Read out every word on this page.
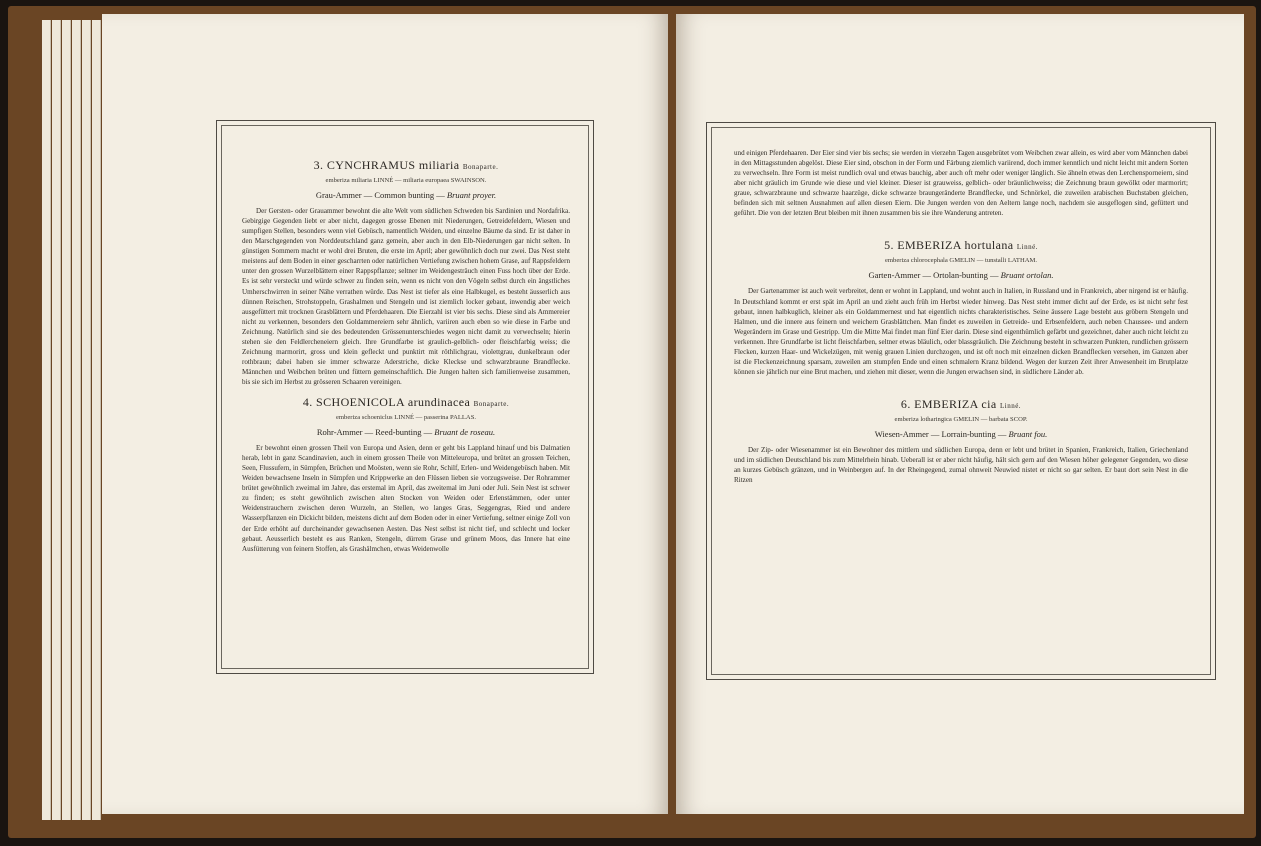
3. CYNCHRAMUS miliaria Bonaparte.
emberiza miliaria LINNÉ — miliaria europaea SWAINSON.
Grau-Ammer — Common bunting — Bruant proyer.

Der Gersten- oder Grauammer bewohnt die alte Welt vom südlichen Schweden bis Sardinien und Nordafrika. Gebirgige Gegenden liebt er aber nicht, dagegen grosse Ebenen mit Niederungen, Getreidefeldern, Wiesen und sumpfigen Stellen, besonders wenn viel Gebüsch, namentlich Weiden, und einzelne Bäume da sind. Er ist daher in den Marschgegenden von Norddeutschland ganz gemein, aber auch in den Elb-Niederungen gar nicht selten. In günstigen Sommern macht er wohl drei Bruten, die erste im April; aber gewöhnlich doch nur zwei. Das Nest steht meistens auf dem Boden in einer gescharrten oder natürlichen Vertiefung zwischen hohem Grase, auf Rappsfeldern unter den grossen Wurzelblättern einer Rappspflanze; seltner im Weidengesträuch einen Fuss hoch über der Erde. Es ist sehr versteckt und würde schwer zu finden sein, wenn es nicht von den Vögeln selbst durch ein ängstliches Umherschwirren in seiner Nähe verrathen würde. Das Nest ist tiefer als eine Halbkugel, es besteht äusserlich aus dünnen Reischen, Strohstoppeln, Grashalmen und Stengeln und ist ziemlich locker gebaut, inwendig aber weich ausgefüttert mit trocknen Grasblättern und Pferdehaaren. Die Eierzahl ist vier bis sechs. Diese sind als Ammereier nicht zu verkennen, besonders den Goldammereiern sehr ähnlich, variiren auch eben so wie diese in Farbe und Zeichnung. Natürlich sind sie des bedeutenden Grössenunterschiedes wegen nicht damit zu verwechseln; hierin stehen sie den Feldlercheneiern gleich. Ihre Grundfarbe ist graulich-gelblich- oder fleischfarbig weiss; die Zeichnung marmorirt, gross und klein gefleckt und punktirt mit röthlichgrau, violettgrau, dunkelbraun oder rothbraun; dabei haben sie immer schwarze Aderstriche, dicke Kleckse und schwarzbraune Brandflecke. Männchen und Weibchen brüten und füttern gemeinschaftlich. Die Jungen halten sich familienweise zusammen, bis sie sich im Herbst zu grösseren Schaaren vereinigen.

4. SCHOENICOLA arundinacea Bonaparte.
emberiza schoeniclus LINNÉ — passerina PALLAS.
Rohr-Ammer — Reed-bunting — Bruant de roseau.

Er bewohnt einen grossen Theil von Europa und Asien, denn er geht bis Lappland hinauf und bis Dalmatien herab, lebt in ganz Scandinavien, auch in einem grossen Theile von Mitteleuropa, und brütet an grossen Teichen, Seen, Flussufern, in Sümpfen, Brüchen und Moösten, wenn sie Rohr, Schilf, Erlen- und Weidengebüsch haben. Mit Weiden bewachsene Inseln in Sümpfen und Krippwerke an den Flüssen lieben sie vorzugsweise. Der Rohrammer brütet gewöhnlich zweimal im Jahre, das erstemal im April, das zweitemal im Juni oder Juli. Sein Nest ist schwer zu finden; es steht gewöhnlich zwischen alten Stocken von Weiden oder Erlenstämmen, oder unter Weidenstrauchern zwischen deren Wurzeln, an Stellen, wo langes Gras, Seggengras, Ried und andere Wasserpflanzen ein Dickicht bilden, meistens dicht auf dem Boden oder in einer Vertiefung, seltner einige Zoll von der Erde erhöht auf durcheinander gewachsenen Aesten. Das Nest selbst ist nicht tief, und schlecht und locker gebaut. Aeusserlich besteht es aus Ranken, Stengeln, dürrem Grase und grünem Moos, das Innere hat eine Ausfütterung von feinern Stoffen, als Grashälmchen, etwas Weidenwolle

und einigen Pferdehaaren. Der Eier sind vier bis sechs; sie werden in vierzehn Tagen ausgebrütet vom Weibchen zwar allein, es wird aber vom Männchen dabei in den Mittagsstunden abgelöst. Diese Eier sind, obschon in der Form und Färbung ziemlich variirend, doch immer kenntlich und nicht leicht mit andern Sorten zu verwechseln. Ihre Form ist meist rundlich oval und etwas bauchig, aber auch oft mehr oder weniger länglich. Sie ähneln etwas den Lerchensporneiern, sind aber nicht gräulich im Grunde wie diese und viel kleiner. Dieser ist grauweiss, gelblich- oder bräunlichweiss; die Zeichnung braun gewölkt oder marmorirt; graue, schwarzbraune und schwarze haarzüge, dicke schwarze braungeränderte Brandflecke, und Schnörkel, die zuweilen arabischen Buchstaben gleichen, befinden sich mit seltnen Ausnahmen auf allen diesen Eiern. Die Jungen werden von den Aeltern lange noch, nachdem sie ausgeflogen sind, gefüttert und geführt. Die von der letzten Brut bleiben mit ihnen zusammen bis sie ihre Wanderung antreten.

5. EMBERIZA hortulana Linné.
emberiza chlorocephala GMELIN — tunstalli LATHAM.
Garten-Ammer — Ortolan-bunting — Bruant ortolan.

Der Gartenammer ist auch weit verbreitet, denn er wohnt in Lappland, und wohnt auch in Italien, in Russland und in Frankreich, aber nirgend ist er häufig. In Deutschland kommt er erst spät im April an und zieht auch früh im Herbst wieder hinweg. Das Nest steht immer dicht auf der Erde, es ist nicht sehr fest gebaut, innen halbkuglich, kleiner als ein Goldammernest und hat eigentlich nichts charakteristisches. Seine äussere Lage besteht aus gröbern Stengeln und Halmen, und die innere aus feinern und weichern Grasblättchen. Man findet es zuweilen in Getreide- und Erbsenfeldern, auch neben Chaussee- und andern Wegerändern im Grase und Gestripp. Um die Mitte Mai findet man fünf Eier darin. Diese sind eigenthümlich gefärbt und gezeichnet, daher auch nicht leicht zu verkennen. Ihre Grundfarbe ist licht fleischfarben, seltner etwas bläulich, oder blassgräulich. Die Zeichnung besteht in schwarzen Punkten, rundlichen grössern Flecken, kurzen Haar- und Wickelzügen, mit wenig grauen Linien durchzogen, und ist oft noch mit einzelnen dicken Brandflecken versehen, im Ganzen aber ist die Fleckenzeichnung sparsam, zuweilen am stumpfen Ende und einen schmalern Kranz bildend. Wegen der kurzen Zeit ihrer Anwesenheit im Brutplatze können sie jährlich nur eine Brut machen, und ziehen mit dieser, wenn die Jungen erwachsen sind, in südlichere Länder ab.

6. EMBERIZA cia Linné.
emberiza lotharingica GMELIN — barbata SCOP.
Wiesen-Ammer — Lorrain-bunting — Bruant fou.

Der Zip- oder Wiesenammer ist ein Bewohner des mittlern und südlichen Europa, denn er lebt und brütet in Spanien, Frankreich, Italien, Griechenland und im südlichen Deutschland bis zum Mittelrhein hinab. Ueberall ist er aber nicht häufig, hält sich gern auf den Wiesen höher gelegener Gegenden, wo diese an kurzes Gebüsch gränzen, und in Weinbergen auf. In der Rheingegend, zumal ohnweit Neuwied nistet er nicht so gar selten. Er baut dort sein Nest in die Ritzen
